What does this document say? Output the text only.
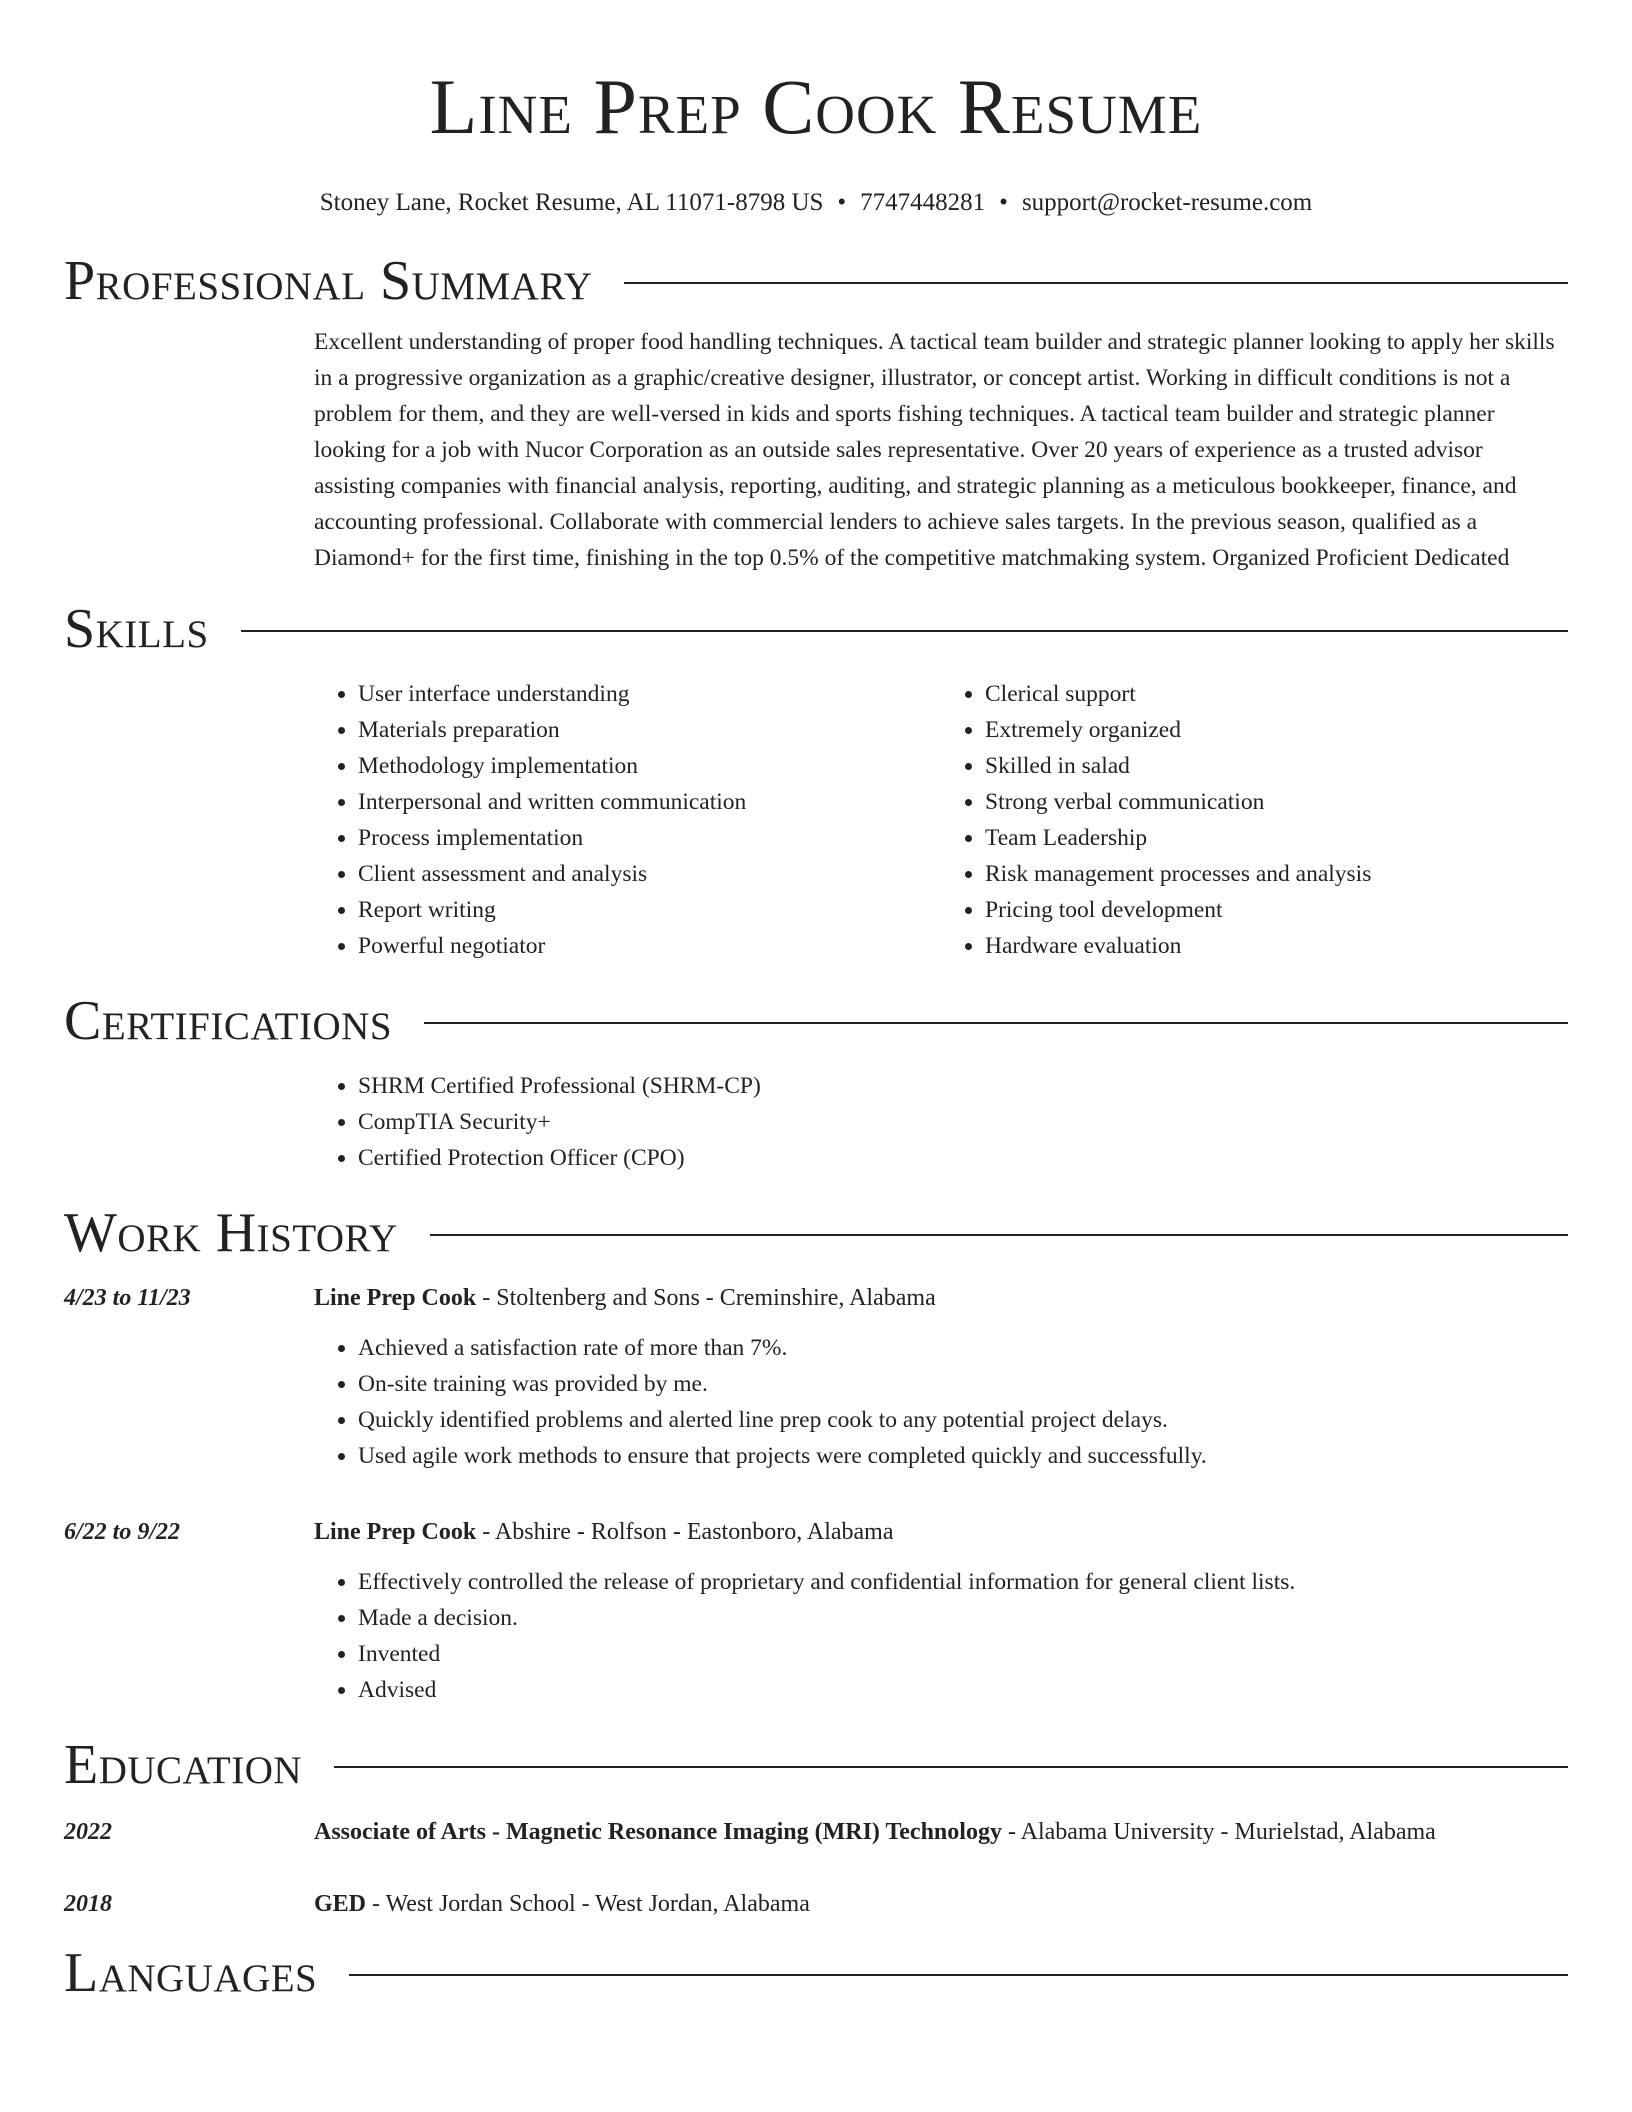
Line Prep Cook Resume
Stoney Lane, Rocket Resume, AL 11071-8798 US • 7747448281 • support@rocket-resume.com
Professional Summary
Excellent understanding of proper food handling techniques. A tactical team builder and strategic planner looking to apply her skills in a progressive organization as a graphic/creative designer, illustrator, or concept artist. Working in difficult conditions is not a problem for them, and they are well-versed in kids and sports fishing techniques. A tactical team builder and strategic planner looking for a job with Nucor Corporation as an outside sales representative. Over 20 years of experience as a trusted advisor assisting companies with financial analysis, reporting, auditing, and strategic planning as a meticulous bookkeeper, finance, and accounting professional. Collaborate with commercial lenders to achieve sales targets. In the previous season, qualified as a Diamond+ for the first time, finishing in the top 0.5% of the competitive matchmaking system. Organized Proficient Dedicated
Skills
• User interface understanding
• Materials preparation
• Methodology implementation
• Interpersonal and written communication
• Process implementation
• Client assessment and analysis
• Report writing
• Powerful negotiator
• Clerical support
• Extremely organized
• Skilled in salad
• Strong verbal communication
• Team Leadership
• Risk management processes and analysis
• Pricing tool development
• Hardware evaluation
Certifications
• SHRM Certified Professional (SHRM-CP)
• CompTIA Security+
• Certified Protection Officer (CPO)
Work History
4/23 to 11/23	Line Prep Cook - Stoltenberg and Sons - Creminshire, Alabama
• Achieved a satisfaction rate of more than 7%.
• On-site training was provided by me.
• Quickly identified problems and alerted line prep cook to any potential project delays.
• Used agile work methods to ensure that projects were completed quickly and successfully.
6/22 to 9/22	Line Prep Cook - Abshire - Rolfson - Eastonboro, Alabama
• Effectively controlled the release of proprietary and confidential information for general client lists.
• Made a decision.
• Invented
• Advised
Education
2022	Associate of Arts - Magnetic Resonance Imaging (MRI) Technology - Alabama University - Murielstad, Alabama
2018	GED - West Jordan School - West Jordan, Alabama
Languages
